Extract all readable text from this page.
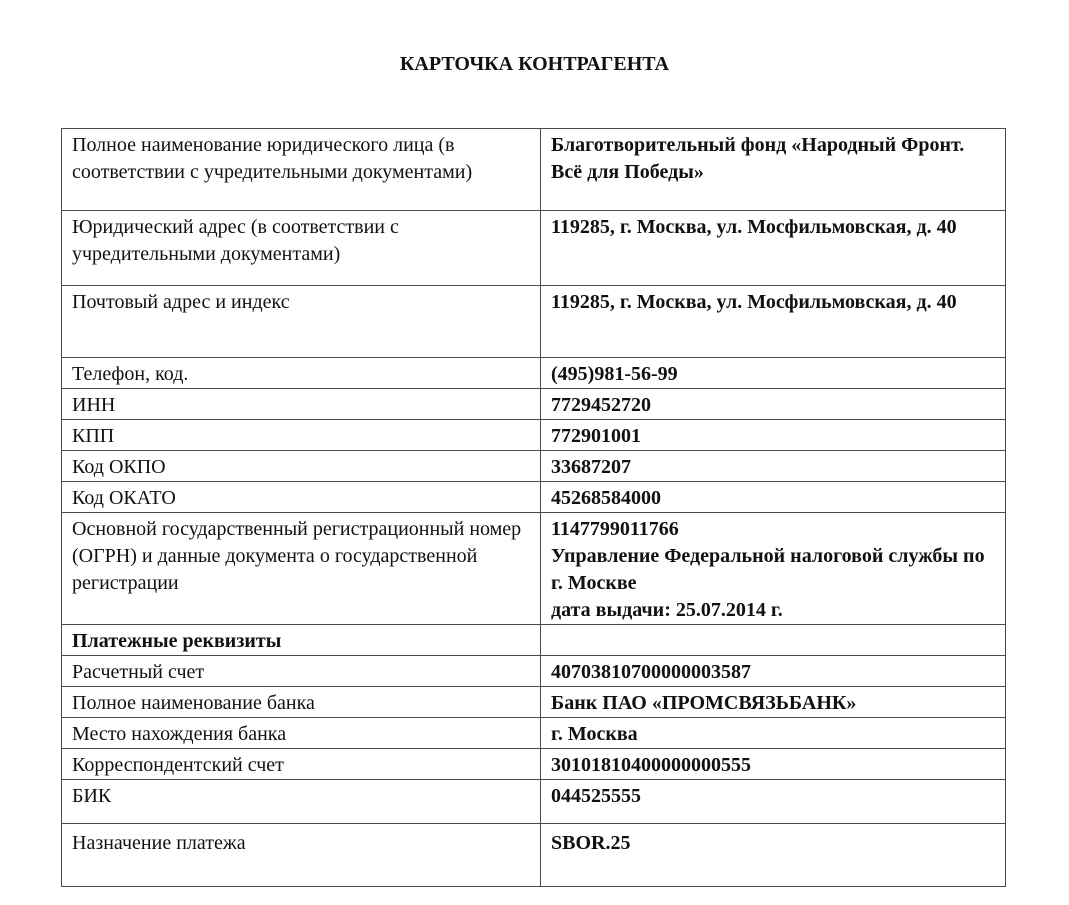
КАРТОЧКА КОНТРАГЕНТА
Полное наименование юридического лица (в соответствии с учредительными документами)	Благотворительный фонд «Народный Фронт. Всё для Победы»
Юридический адрес (в соответствии с учредительными документами)	119285, г. Москва, ул. Мосфильмовская, д. 40
Почтовый адрес и индекс	119285, г. Москва, ул. Мосфильмовская, д. 40
Телефон, код.	(495)981-56-99
ИНН	7729452720
КПП	772901001
Код ОКПО	33687207
Код ОКАТО	45268584000
Основной государственный регистрационный номер (ОГРН) и данные документа о государственной регистрации	1147799011766
Управление Федеральной налоговой службы по г. Москве
дата выдачи: 25.07.2014 г.

Платежные реквизиты	
Расчетный счет	40703810700000003587
Полное наименование банка	Банк ПАО «ПРОМСВЯЗЬБАНК»
Место нахождения банка	г. Москва
Корреспондентский счет	30101810400000000555
БИК	044525555
Назначение платежа	SBOR.25
